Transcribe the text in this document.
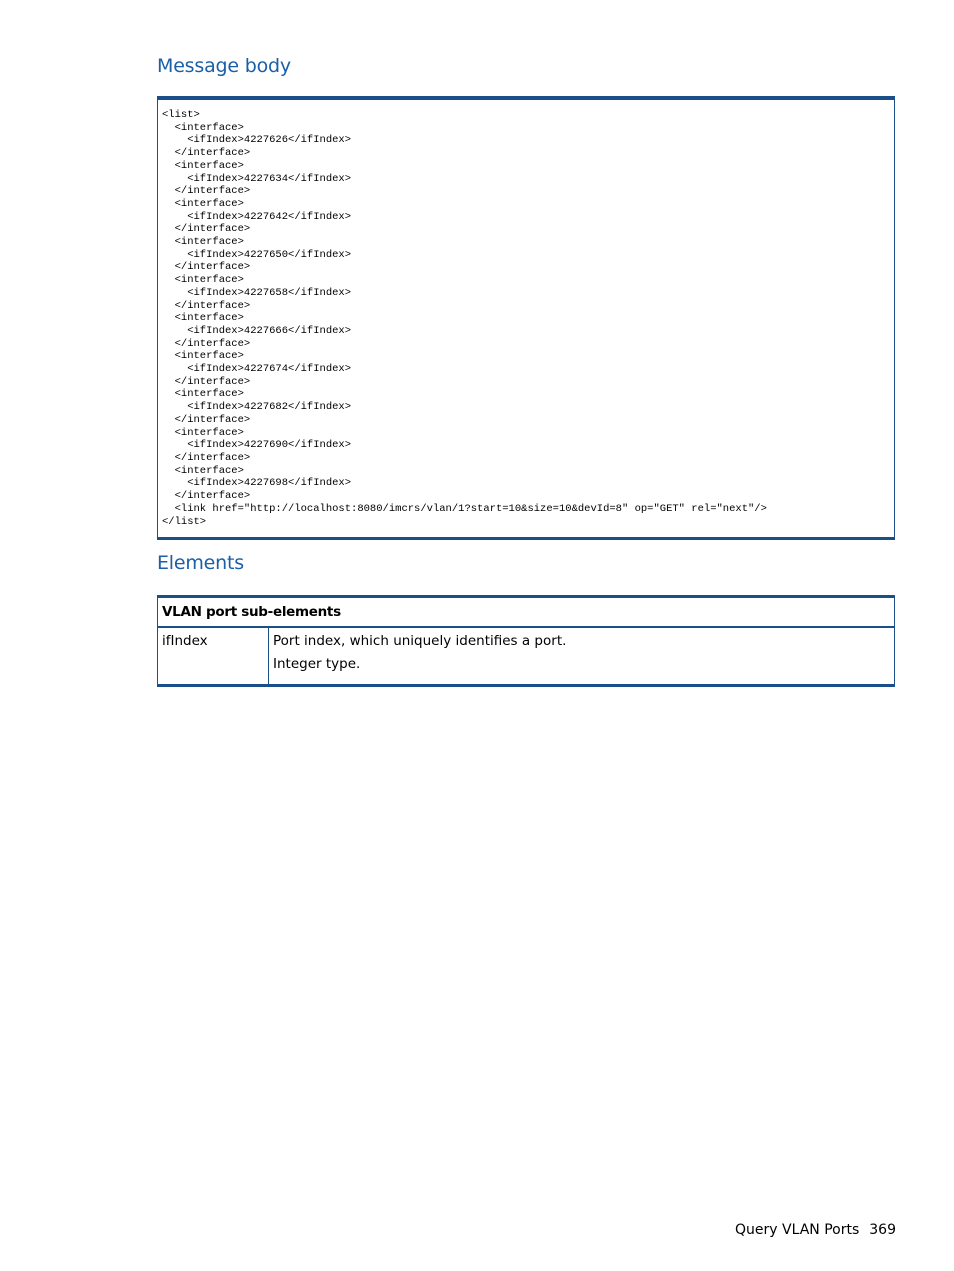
Message body
<list>
<interface>
<ifIndex>4227626</ifIndex>
</interface>
<interface>
<ifIndex>4227634</ifIndex>
</interface>
<interface>
<ifIndex>4227642</ifIndex>
</interface>
<interface>
<ifIndex>4227650</ifIndex>
</interface>
<interface>
<ifIndex>4227658</ifIndex>
</interface>
<interface>
<ifIndex>4227666</ifIndex>
</interface>
<interface>
<ifIndex>4227674</ifIndex>
</interface>
<interface>
<ifIndex>4227682</ifIndex>
</interface>
<interface>
<ifIndex>4227690</ifIndex>
</interface>
<interface>
<ifIndex>4227698</ifIndex>
</interface>
<link href="http://localhost:8080/imcrs/vlan/1?start=10&size=10&devId=8" op="GET" rel="next"/>
</list>
Elements
VLAN port sub-elements
ifIndex	Port index, which uniquely identifies a port.

Integer type.

Query VLAN Ports 369
